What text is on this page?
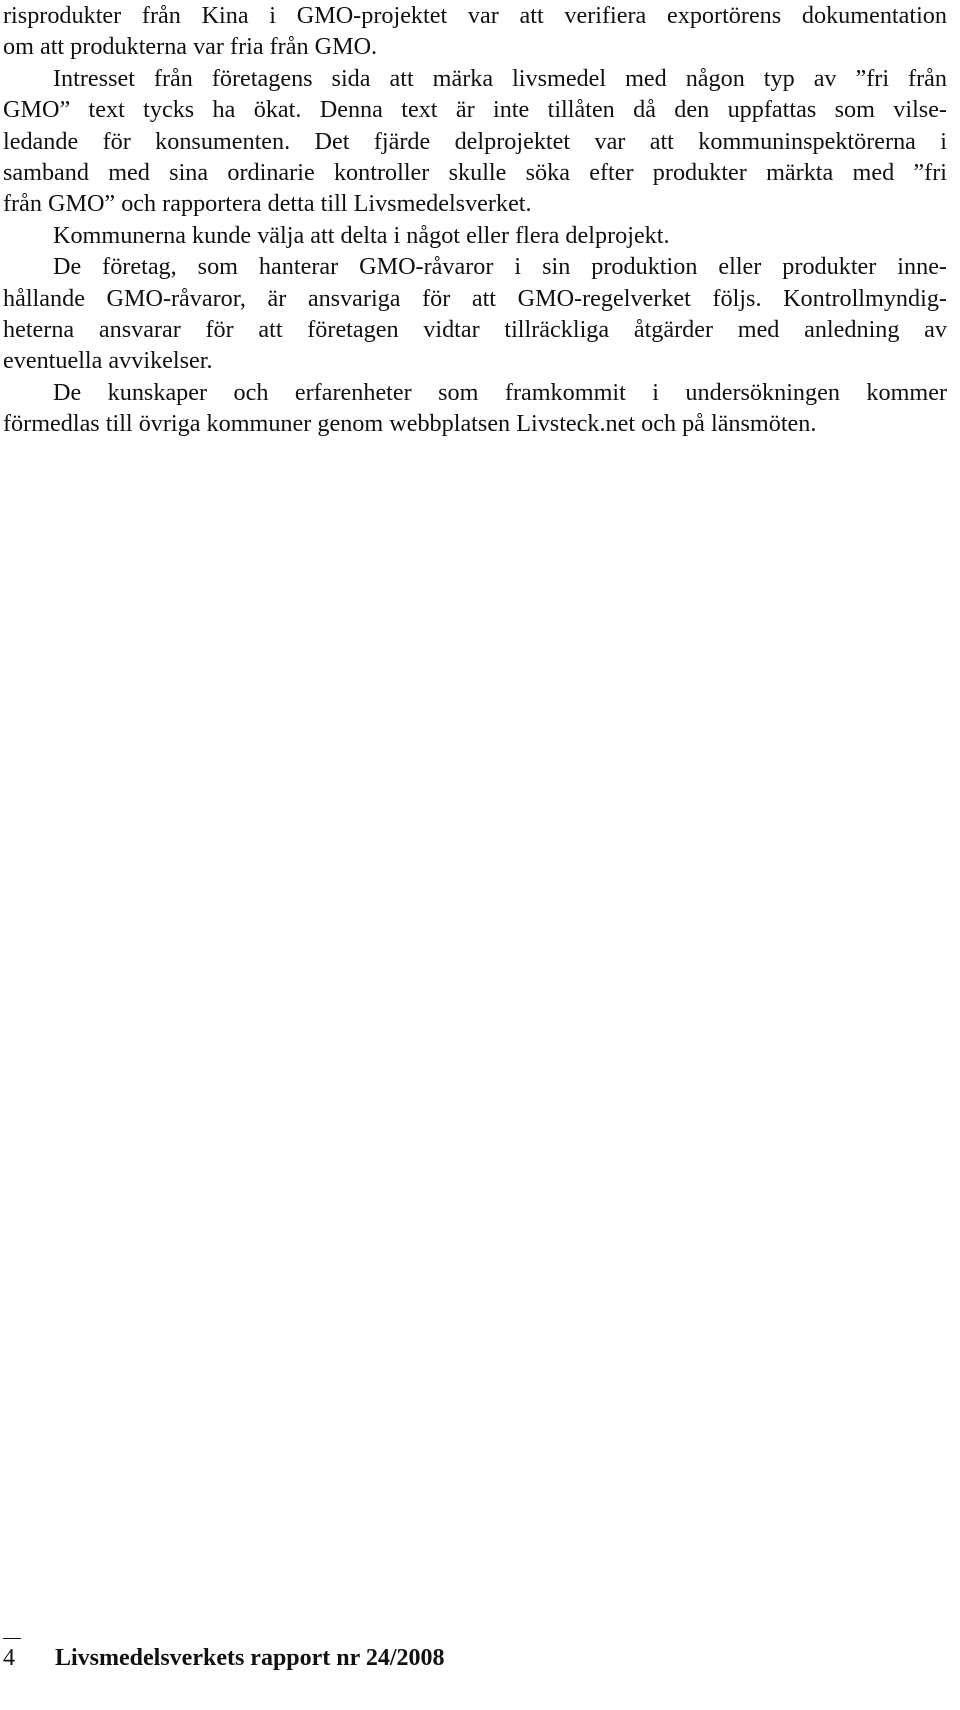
risprodukter från Kina i GMO-projektet var att verifiera exportörens dokumentation
om att produkterna var fria från GMO.
Intresset från företagens sida att märka livsmedel med någon typ av ”fri från
GMO” text tycks ha ökat. Denna text är inte tillåten då den uppfattas som vilse-
ledande för konsumenten. Det fjärde delprojektet var att kommuninspektörerna i
samband med sina ordinarie kontroller skulle söka efter produkter märkta med ”fri
från GMO” och rapportera detta till Livsmedelsverket.
Kommunerna kunde välja att delta i något eller flera delprojekt.
De företag, som hanterar GMO-råvaror i sin produktion eller produkter inne-
hållande GMO-råvaror, är ansvariga för att GMO-regelverket följs. Kontrollmyndig-
heterna ansvarar för att företagen vidtar tillräckliga åtgärder med anledning av
eventuella avvikelser.
De kunskaper och erfarenheter som framkommit i undersökningen kommer
förmedlas till övriga kommuner genom webbplatsen Livsteck.net och på länsmöten.
4 Livsmedelsverkets rapport nr 24/2008
